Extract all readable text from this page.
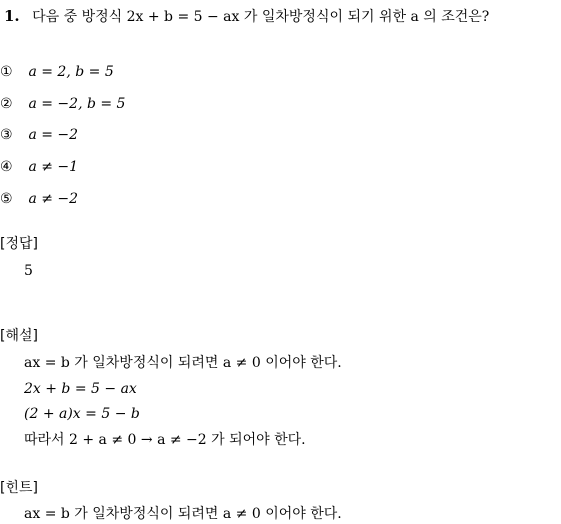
1. 다음 중 방정식 2x + b = 5 − ax 가 일차방정식이 되기 위한 a 의 조건은?
① a = 2, b = 5
② a = −2, b = 5
③ a = −2
④ a ≠ −1
⑤ a ≠ −2
[정답]
5
[해설]
ax = b 가 일차방정식이 되려면 a ≠ 0 이어야 한다.
2x + b = 5 − ax
(2 + a)x = 5 − b
따라서 2 + a ≠ 0 → a ≠ −2 가 되어야 한다.
[힌트]
ax = b 가 일차방정식이 되려면 a ≠ 0 이어야 한다.
